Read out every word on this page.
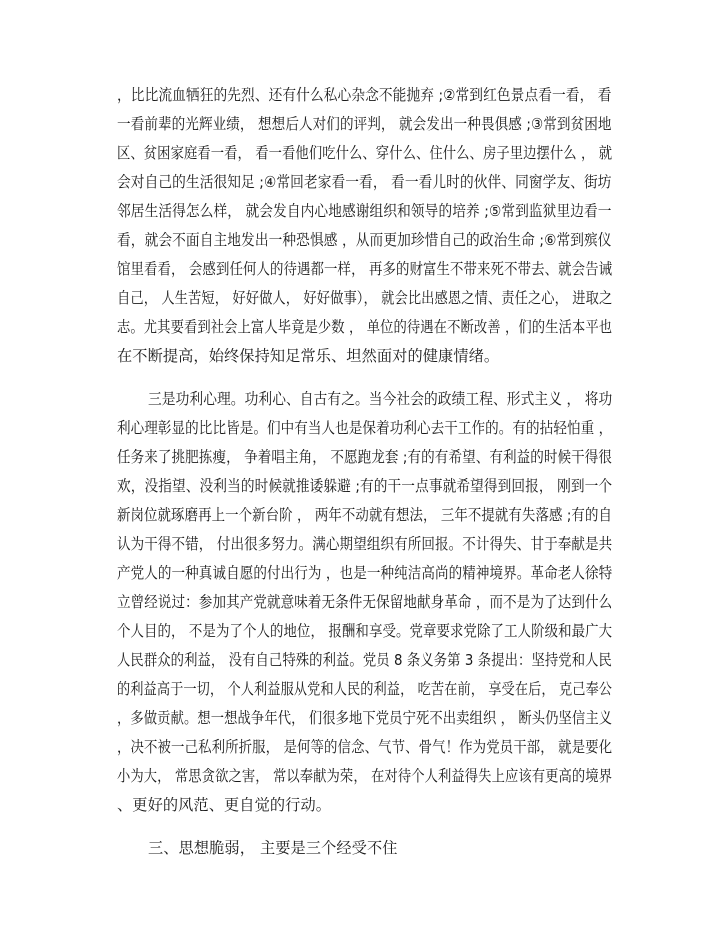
，比比流血牺狂的先烈、还有什么私心杂念不能抛弃 ;②常到红色景点看一看， 看
一看前辈的光辉业绩， 想想后人对们的评判， 就会发出一种畏俱感 ;③常到贫困地
区、贫困家庭看一看， 看一看他们吃什么、穿什么、住什么、房子里边摆什么 ， 就
会对自己的生活很知足 ;④常回老家看一看， 看一看儿时的伙伴、同窗学友、街坊
邻居生活得怎么样， 就会发自内心地感谢组织和领导的培养 ;⑤常到监狱里边看一
看，就会不面自主地发出一种恐惧感 ，从而更加珍惜自己的政治生命 ;⑥常到殡仪
馆里看看， 会感到任何人的待遇都一样， 再多的财富生不带来死不带去、就会告诫
自己， 人生苦短， 好好做人， 好好做事）， 就会比出感恩之情、责任之心， 进取之
志。尤其要看到社会上富人毕竟是少数 ， 单位的待遇在不断改善 ，们的生活本平也
在不断提高，始终保持知足常乐、坦然面对的健康情绪。
三是功利心理。功利心、自古有之。当今社会的政绩工程、形式主义 ， 将功
利心理彰显的比比皆是。们中有当人也是保着功利心去干工作的。有的拈轻怕重 ，
任务来了挑肥拣瘦， 争着唱主角， 不愿跑龙套 ;有的有希望、有利益的时候干得很
欢，没指望、没利当的时候就推诿躲避 ;有的干一点事就希望得到回报， 刚到一个
新岗位就琢磨再上一个新台阶 ， 两年不动就有想法， 三年不提就有失落感 ;有的自
认为干得不错， 付出很多努力。满心期望组织有所回报。不计得失、甘于奉献是共
产党人的一种真诚自愿的付出行为 ，也是一种纯洁高尚的精神境界。革命老人徐特
立曾经说过：参加其产党就意味着无条件无保留地献身革命 ，而不是为了达到什么
个人目的， 不是为了个人的地位， 报酬和享受。党章要求党除了工人阶级和最广大
人民群众的利益， 没有自己特殊的利益。党员 8 条义务第 3 条提出：坚持党和人民
的利益高于一切， 个人利益服从党和人民的利益， 吃苦在前， 享受在后， 克己奉公
，多做贡献。想一想战争年代， 们很多地下党员宁死不出卖组织 ， 断头仍坚信主义
，决不被一己私利所折服， 是何等的信念、气节、骨气！作为党员干部， 就是要化
小为大， 常思贪欲之害， 常以奉献为荣， 在对待个人利益得失上应该有更高的境界
、更好的风范、更自觉的行动。
三、思想脆弱， 主要是三个经受不住
